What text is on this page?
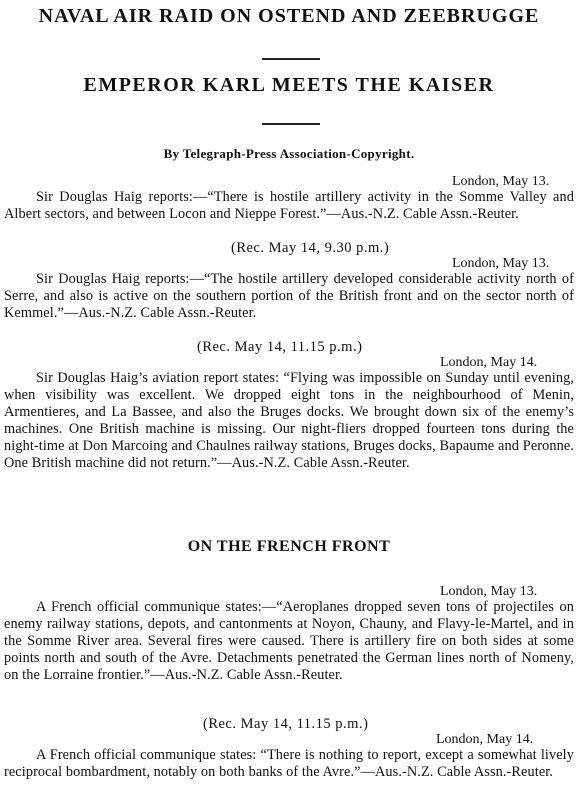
NAVAL AIR RAID ON OSTEND AND ZEEBRUGGE
EMPEROR KARL MEETS THE KAISER
By Telegraph-Press Association-Copyright.
London, May 13.
Sir Douglas Haig reports:—“There is hostile artillery activity in the Somme Valley and Albert sectors, and between Locon and Nieppe Forest.”—Aus.-N.Z. Cable Assn.-Reuter.
(Rec. May 14, 9.30 p.m.)
London, May 13.
Sir Douglas Haig reports:—“The hostile artillery developed considerable activity north of Serre, and also is active on the southern portion of the British front and on the sector north of Kemmel.”—Aus.-N.Z. Cable Assn.-Reuter.
(Rec. May 14, 11.15 p.m.)
London, May 14.
Sir Douglas Haig’s aviation report states: “Flying was impossible on Sunday until evening, when visibility was excellent. We dropped eight tons in the neighbourhood of Menin, Armentieres, and La Bassee, and also the Bruges docks. We brought down six of the enemy’s machines. One British machine is missing. Our night-fliers dropped fourteen tons during the night-time at Don Marcoing and Chaulnes railway stations, Bruges docks, Bapaume and Peronne. One British machine did not return.”—Aus.-N.Z. Cable Assn.-Reuter.
ON THE FRENCH FRONT
London, May 13.
A French official communique states:—“Aeroplanes dropped seven tons of projectiles on enemy railway stations, depots, and cantonments at Noyon, Chauny, and Flavy-le-Martel, and in the Somme River area. Several fires were caused. There is artillery fire on both sides at some points north and south of the Avre. Detachments penetrated the German lines north of Nomeny, on the Lorraine frontier.”—Aus.-N.Z. Cable Assn.-Reuter.
(Rec. May 14, 11.15 p.m.)
London, May 14.
A French official communique states: “There is nothing to report, except a somewhat lively reciprocal bombardment, notably on both banks of the Avre.”—Aus.-N.Z. Cable Assn.-Reuter.
